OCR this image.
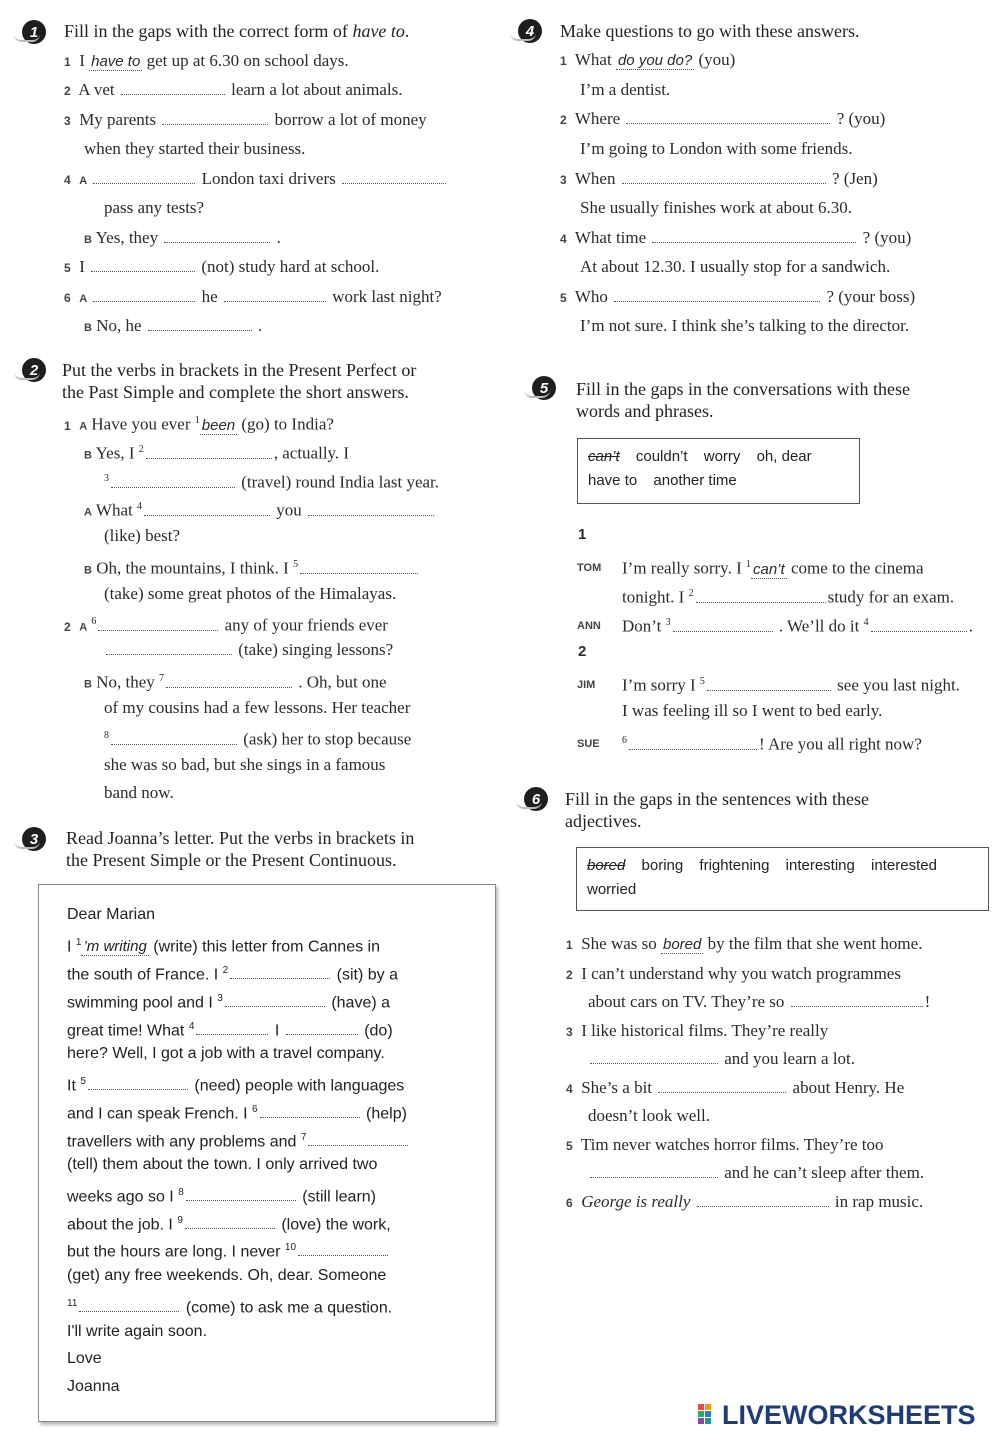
1	Fill in the gaps with the correct form of have to.
1 I have to get up at 6.30 on school days.
2 A vet	learn a lot about animals.
3 My parents	borrow a lot of money
when they started their business.
4 A	London taxi drivers
pass any tests?
B Yes, they	.
5 I	(not) study hard at school.
6 A	he	work last night?
B No, he	.
2	Put the verbs in brackets in the Present Perfect or
the Past Simple and complete the short answers.
1 A Have you ever $^1$ been (go) to India?
B Yes, I $^2$	, actually. I
$^3$	(travel) round India last year.
A What $^4$	you
(like) best?
B Oh, the mountains, I think. I $^5$
(take) some great photos of the Himalayas.
2 A $^6$	any of your friends ever
(take) singing lessons?
B No, they $^7$	. Oh, but one
of my cousins had a few lessons. Her teacher
$^8$	(ask) her to stop because
she was so bad, but she sings in a famous
band now.
3	Read Joanna’s letter. Put the verbs in brackets in
the Present Simple or the Present Continuous.
Dear Marian
I $^1$ ’m writing (write) this letter from Cannes in
the south of France. I $^2$	(sit) by a
swimming pool and I $^3$	(have) a
great time! What $^4$	I	(do)
here? Well, I got a job with a travel company.
It $^5$	(need) people with languages
and I can speak French. I $^6$	(help)
travellers with any problems and $^7$
(tell) them about the town. I only arrived two
weeks ago so I $^8$	(still learn)
about the job. I $^9$	(love) the work,
but the hours are long. I never $^{10}$
(get) any free weekends. Oh, dear. Someone
$^{11}$	(come) to ask me a question.
I'll write again soon.
Love
Joanna
4	Make questions to go with these answers.
1 What do you do? (you)
I’m a dentist.
2 Where	? (you)
I’m going to London with some friends.
3 When	? (Jen)
She usually finishes work at about 6.30.
4 What time	? (you)
At about 12.30. I usually stop for a sandwich.
5 Who	? (your boss)
I’m not sure. I think she’s talking to the director.
5	Fill in the gaps in the conversations with these
words and phrases.
can’t couldn’t worry oh, dear
have to another time
1
TOM I’m really sorry. I $^1$ can’t come to the cinema
tonight. I $^2$	study for an exam.
ANN Don’t $^3$	. We’ll do it $^4$	.
2
JIM I’m sorry I $^5$	see you last night.
I was feeling ill so I went to bed early.
SUE $^6$	! Are you all right now?
6	Fill in the gaps in the sentences with these
adjectives.
bored boring frightening interesting interested
worried
1 She was so bored by the film that she went home.
2 I can’t understand why you watch programmes
about cars on TV. They’re so	!
3 I like historical films. They’re really
and you learn a lot.
4 She’s a bit	about Henry. He
doesn’t look well.
5 Tim never watches horror films. They’re too
and he can’t sleep after them.
6 George is really	in rap music.
LIVEWORKSHEETS
